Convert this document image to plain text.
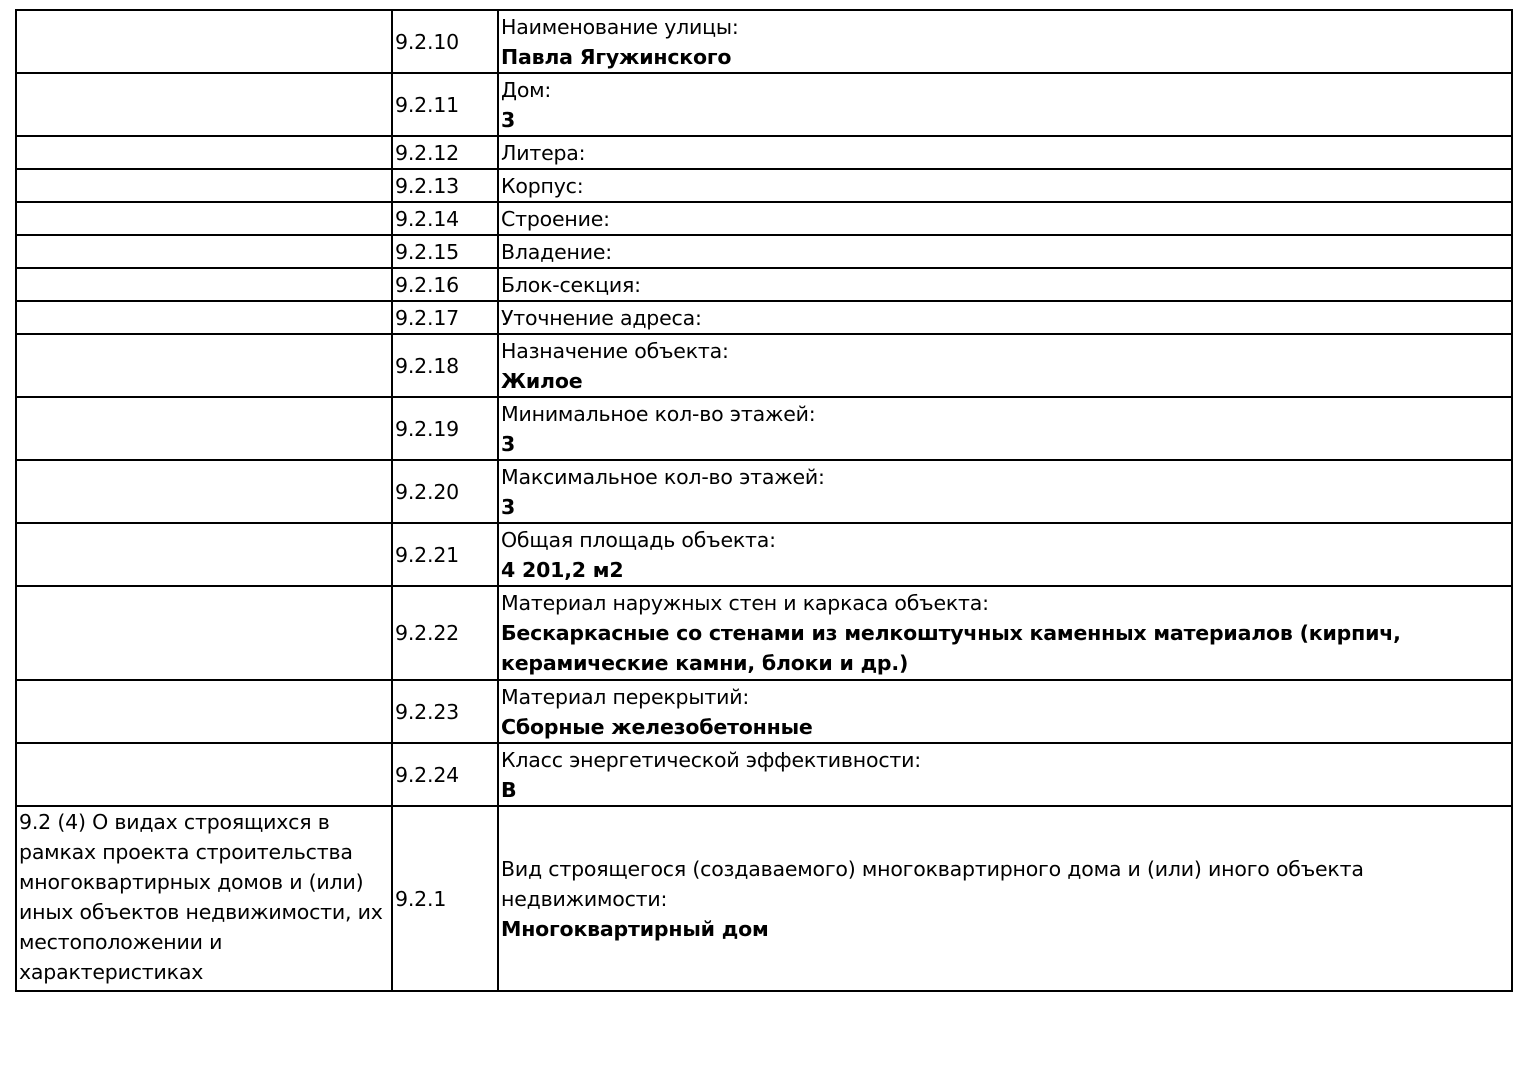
	9.2.10	Наименование улицы:
Павла Ягужинского

	9.2.11	Дом:
3

	9.2.12	Литера:

	9.2.13	Корпус:

	9.2.14	Строение:

	9.2.15	Владение:

	9.2.16	Блок-секция:

	9.2.17	Уточнение адреса:

	9.2.18	Назначение объекта:
Жилое

	9.2.19	Минимальное кол-во этажей:
3

	9.2.20	Максимальное кол-во этажей:
3

	9.2.21	Общая площадь объекта:
4 201,2 м2

	9.2.22	Материал наружных стен и каркаса объекта:
Бескаркасные со стенами из мелкоштучных каменных материалов (кирпич, керамические камни, блоки и др.)

	9.2.23	Материал перекрытий:
Сборные железобетонные

	9.2.24	Класс энергетической эффективности:
В

9.2 (4) О видах строящихся в рамках проекта строительства многоквартирных домов и (или) иных объектов недвижимости, их местоположении и характеристиках	9.2.1	Вид строящегося (создаваемого) многоквартирного дома и (или) иного объекта недвижимости:
Многоквартирный дом
